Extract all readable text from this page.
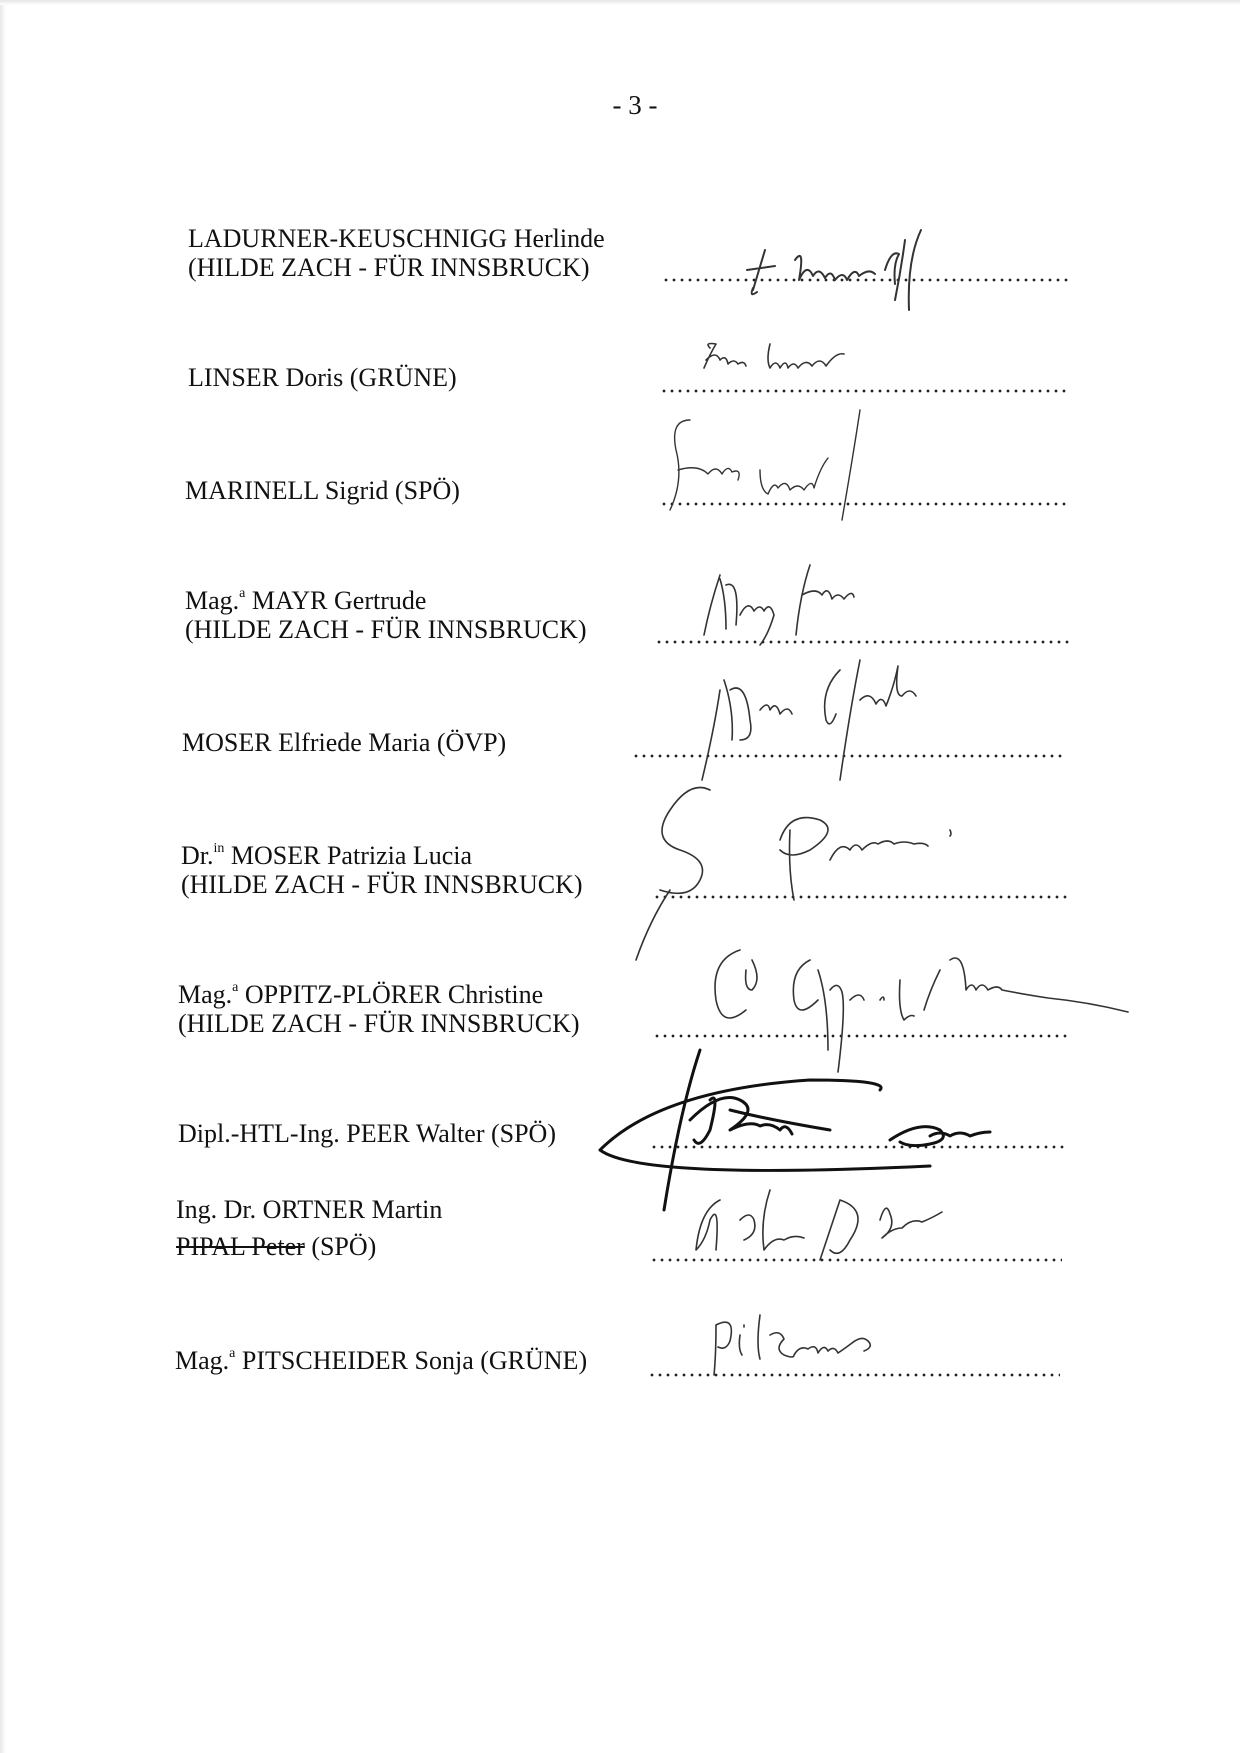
- 3 -
LADURNER-KEUSCHNIGG Herlinde
(HILDE ZACH - FÜR INNSBRUCK)
LINSER Doris (GRÜNE)
MARINELL Sigrid (SPÖ)
Mag.$^a$ MAYR Gertrude
(HILDE ZACH - FÜR INNSBRUCK)
MOSER Elfriede Maria (ÖVP)
Dr.$^{in}$ MOSER Patrizia Lucia
(HILDE ZACH - FÜR INNSBRUCK)
Mag.$^a$ OPPITZ-PLÖRER Christine
(HILDE ZACH - FÜR INNSBRUCK)
Dipl.-HTL-Ing. PEER Walter (SPÖ)
Ing. Dr. ORTNER Martin
PIPAL Peter (SPÖ)
Mag.$^a$ PITSCHEIDER Sonja (GRÜNE)
